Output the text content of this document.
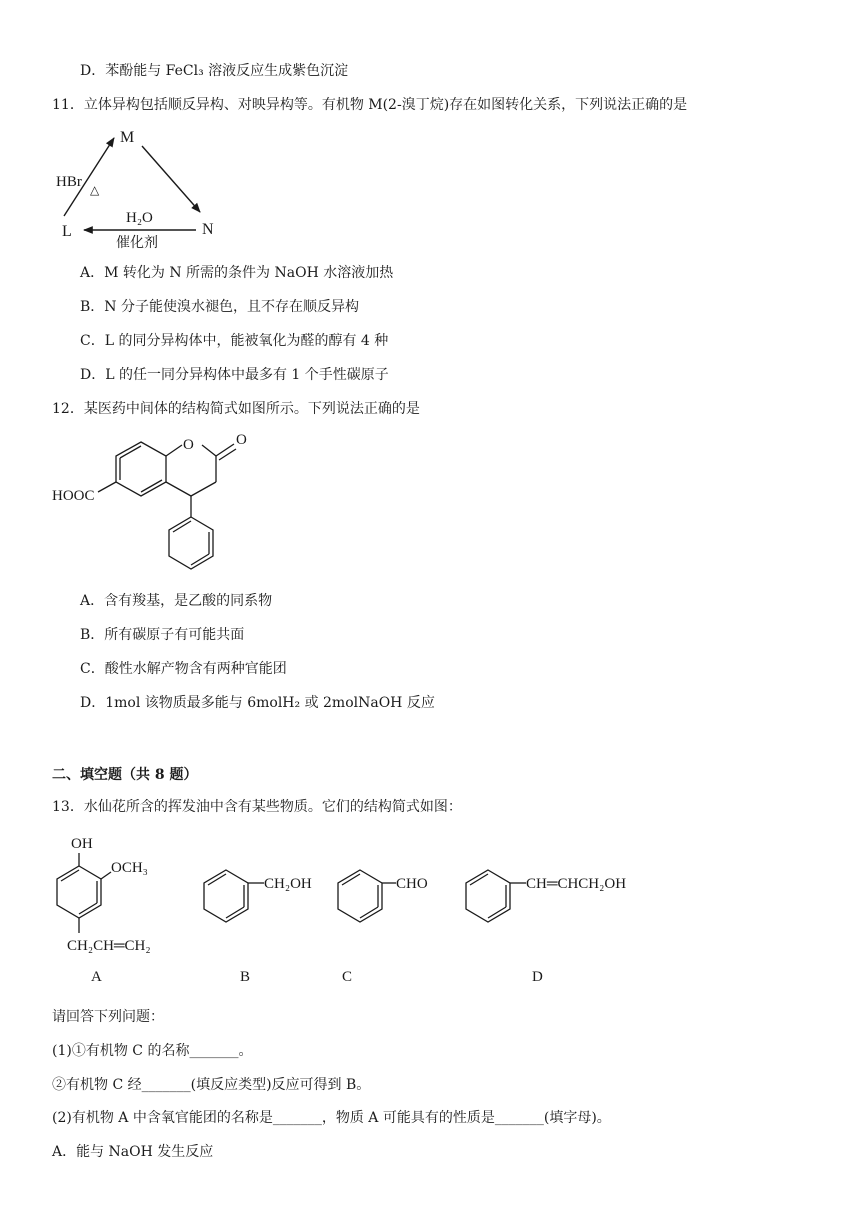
D．苯酚能与 FeCl₃ 溶液反应生成紫色沉淀
11．立体异构包括顺反异构、对映异构等。有机物 M(2-溴丁烷)存在如图转化关系，下列说法正确的是
M
N
L
HBr △
H₂O
催化剂
A．M 转化为 N 所需的条件为 NaOH 水溶液加热
B．N 分子能使溴水褪色，且不存在顺反异构
C．L 的同分异构体中，能被氧化为醛的醇有 4 种
D．L 的任一同分异构体中最多有 1 个手性碳原子
12．某医药中间体的结构简式如图所示。下列说法正确的是
O	O
HOOC
A．含有羧基，是乙酸的同系物
B．所有碳原子有可能共面
C．酸性水解产物含有两种官能团
D．1mol 该物质最多能与 6molH₂ 或 2molNaOH 反应
二、填空题（共 8 题）
13．水仙花所含的挥发油中含有某些物质。它们的结构简式如图：
OH
OCH₃
CH₂CH═CH₂
A
CH₂OH
B
CHO
C
CH═CHCH₂OH
D
请回答下列问题：
(1)①有机物 C 的名称_______。
②有机物 C 经_______(填反应类型)反应可得到 B。
(2)有机物 A 中含氧官能团的名称是_______，物质 A 可能具有的性质是_______(填字母)。
A．能与 NaOH 发生反应
